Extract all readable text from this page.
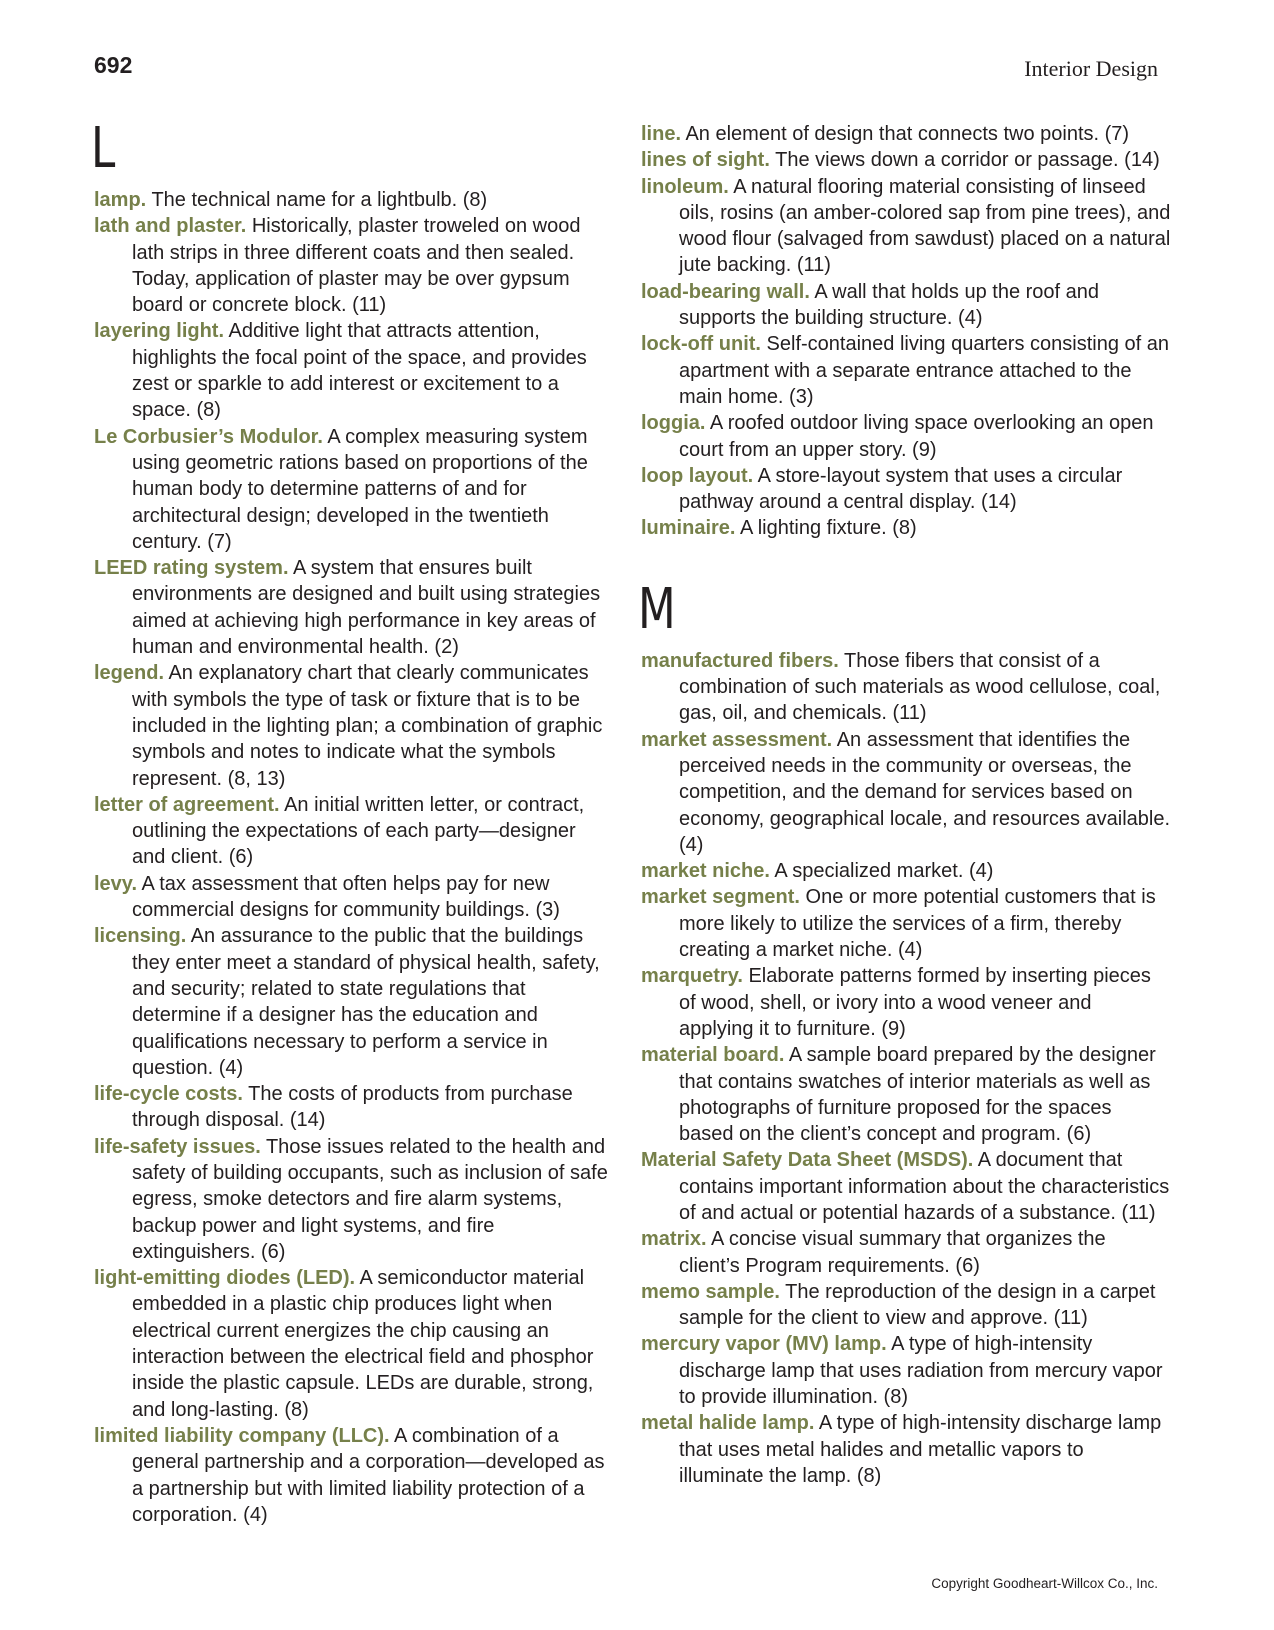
692	Interior Design
L

lamp. The technical name for a lightbulb. (8)

lath and plaster. Historically, plaster troweled on wood lath strips in three different coats and then sealed. Today, application of plaster may be over gypsum board or concrete block. (11)

layering light. Additive light that attracts attention, highlights the focal point of the space, and provides zest or sparkle to add interest or excitement to a space. (8)

Le Corbusier’s Modulor. A complex measuring system using geometric rations based on proportions of the human body to determine patterns of and for architectural design; developed in the twentieth century. (7)

LEED rating system. A system that ensures built environments are designed and built using strategies aimed at achieving high performance in key areas of human and environmental health. (2)

legend. An explanatory chart that clearly communicates with symbols the type of task or fixture that is to be included in the lighting plan; a combination of graphic symbols and notes to indicate what the symbols represent. (8, 13)

letter of agreement. An initial written letter, or contract, outlining the expectations of each party—designer and client. (6)

levy. A tax assessment that often helps pay for new commercial designs for community buildings. (3)

licensing. An assurance to the public that the buildings they enter meet a standard of physical health, safety, and security; related to state regulations that determine if a designer has the education and qualifications necessary to perform a service in question. (4)

life-cycle costs. The costs of products from purchase through disposal. (14)

life-safety issues. Those issues related to the health and safety of building occupants, such as inclusion of safe egress, smoke detectors and fire alarm systems, backup power and light systems, and fire extinguishers. (6)

light-emitting diodes (LED). A semiconductor material embedded in a plastic chip produces light when electrical current energizes the chip causing an interaction between the electrical field and phosphor inside the plastic capsule. LEDs are durable, strong, and long-lasting. (8)

limited liability company (LLC). A combination of a general partnership and a corporation—developed as a partnership but with limited liability protection of a corporation. (4)

line. An element of design that connects two points. (7)

lines of sight. The views down a corridor or passage. (14)

linoleum. A natural flooring material consisting of linseed oils, rosins (an amber-colored sap from pine trees), and wood flour (salvaged from sawdust) placed on a natural jute backing. (11)

load-bearing wall. A wall that holds up the roof and supports the building structure. (4)

lock-off unit. Self-contained living quarters consisting of an apartment with a separate entrance attached to the main home. (3)

loggia. A roofed outdoor living space overlooking an open court from an upper story. (9)

loop layout. A store-layout system that uses a circular pathway around a central display. (14)

luminaire. A lighting fixture. (8)

M

manufactured fibers. Those fibers that consist of a combination of such materials as wood cellulose, coal, gas, oil, and chemicals. (11)

market assessment. An assessment that identifies the perceived needs in the community or overseas, the competition, and the demand for services based on economy, geographical locale, and resources available. (4)

market niche. A specialized market. (4)

market segment. One or more potential customers that is more likely to utilize the services of a firm, thereby creating a market niche. (4)

marquetry. Elaborate patterns formed by inserting pieces of wood, shell, or ivory into a wood veneer and applying it to furniture. (9)

material board. A sample board prepared by the designer that contains swatches of interior materials as well as photographs of furniture proposed for the spaces based on the client’s concept and program. (6)

Material Safety Data Sheet (MSDS). A document that contains important information about the characteristics of and actual or potential hazards of a substance. (11)

matrix. A concise visual summary that organizes the client’s Program requirements. (6)

memo sample. The reproduction of the design in a carpet sample for the client to view and approve. (11)

mercury vapor (MV) lamp. A type of high-intensity discharge lamp that uses radiation from mercury vapor to provide illumination. (8)

metal halide lamp. A type of high-intensity discharge lamp that uses metal halides and metallic vapors to illuminate the lamp. (8)

Copyright Goodheart-Willcox Co., Inc.
